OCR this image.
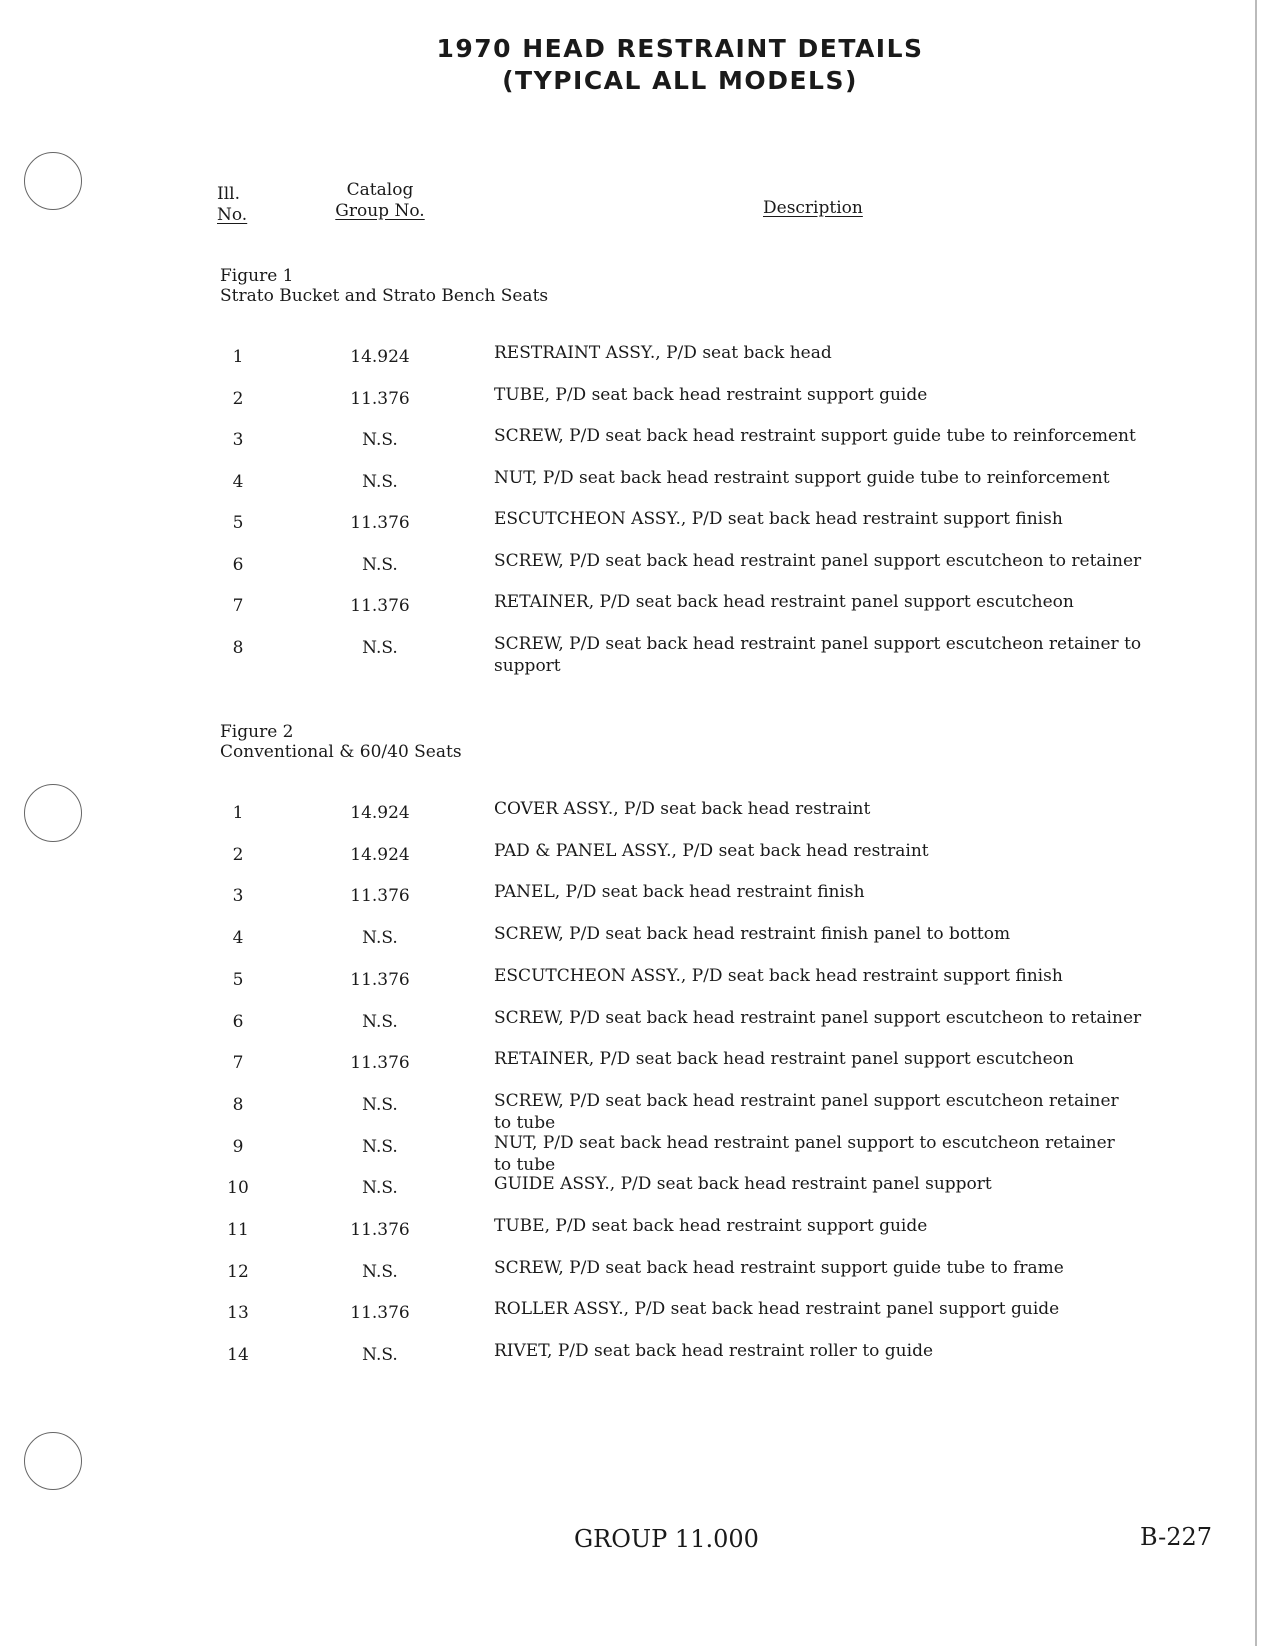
1970 HEAD RESTRAINT DETAILS
(TYPICAL ALL MODELS)
Ill.
No.
Catalog
Group No.	Description
Figure 1
Strato Bucket and Strato Bench Seats
1	14.924	RESTRAINT ASSY., P/D seat back head
2	11.376	TUBE, P/D seat back head restraint support guide
3	N.S.	SCREW, P/D seat back head restraint support guide tube to reinforcement
4	N.S.	NUT, P/D seat back head restraint support guide tube to reinforcement
5	11.376	ESCUTCHEON ASSY., P/D seat back head restraint support finish
6	N.S.	SCREW, P/D seat back head restraint panel support escutcheon to retainer
7	11.376	RETAINER, P/D seat back head restraint panel support escutcheon
8	N.S.	SCREW, P/D seat back head restraint panel support escutcheon retainer to
support
Figure 2
Conventional & 60/40 Seats
1	14.924	COVER ASSY., P/D seat back head restraint
2	14.924	PAD & PANEL ASSY., P/D seat back head restraint
3	11.376	PANEL, P/D seat back head restraint finish
4	N.S.	SCREW, P/D seat back head restraint finish panel to bottom
5	11.376	ESCUTCHEON ASSY., P/D seat back head restraint support finish
6	N.S.	SCREW, P/D seat back head restraint panel support escutcheon to retainer
7	11.376	RETAINER, P/D seat back head restraint panel support escutcheon
8	N.S.	SCREW, P/D seat back head restraint panel support escutcheon retainer
to tube
9	N.S.	NUT, P/D seat back head restraint panel support to escutcheon retainer
to tube
10	N.S.	GUIDE ASSY., P/D seat back head restraint panel support
11	11.376	TUBE, P/D seat back head restraint support guide
12	N.S.	SCREW, P/D seat back head restraint support guide tube to frame
13	11.376	ROLLER ASSY., P/D seat back head restraint panel support guide
14	N.S.	RIVET, P/D seat back head restraint roller to guide
GROUP 11.000	B-227
